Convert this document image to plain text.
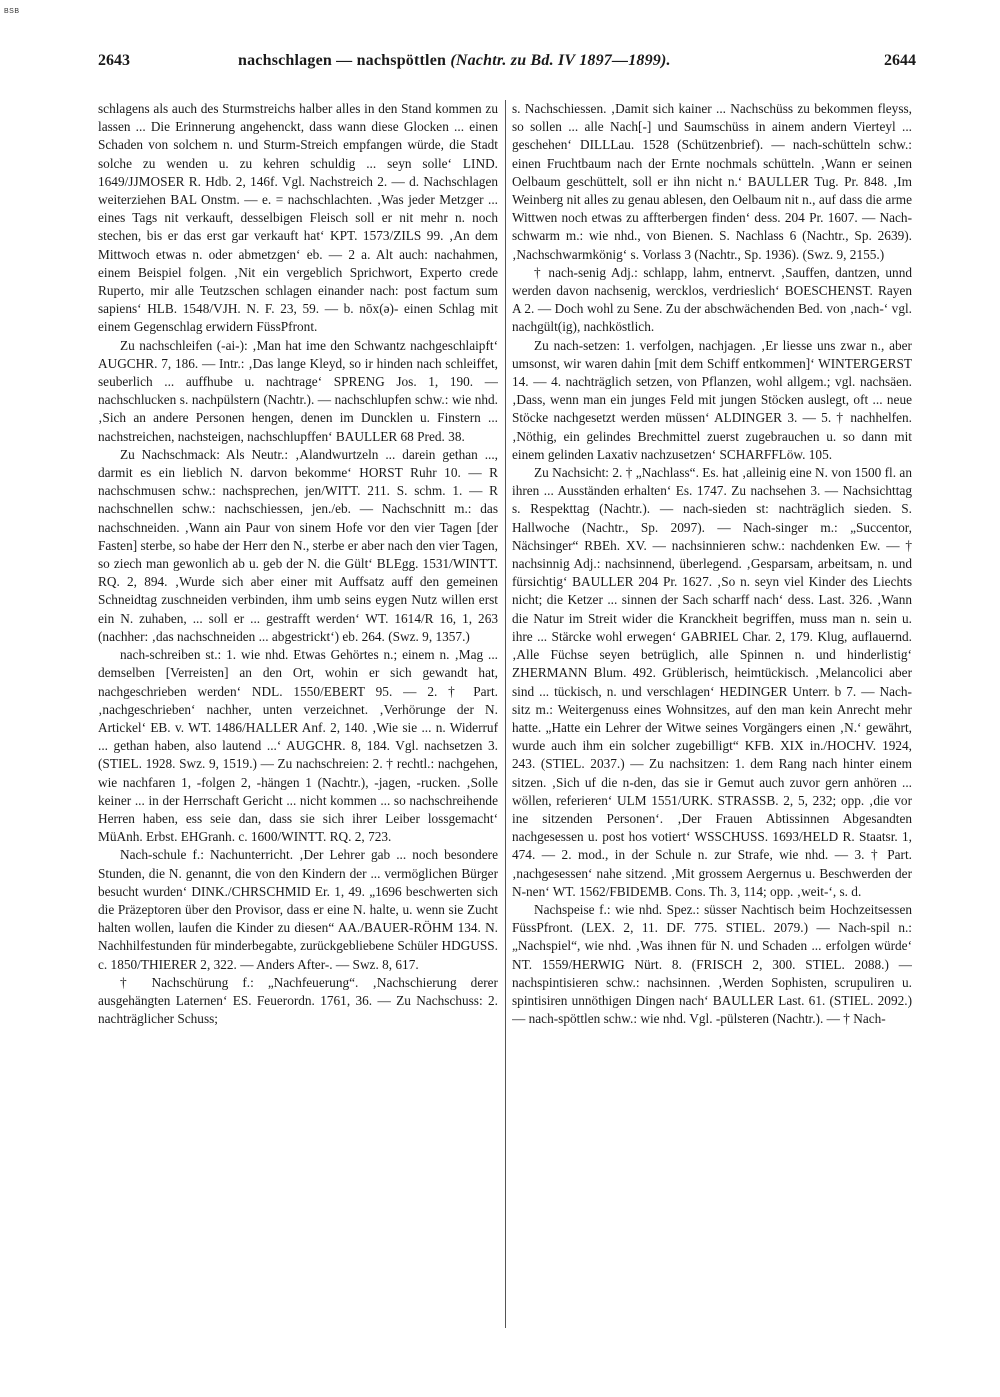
BSB
2643	nachschlagen — nachspöttlen (Nachtr. zu Bd. IV 1897—1899).	2644

schlagens als auch des Sturmstreichs halber alles in den Stand kommen zu lassen ... Die Erinnerung angehenckt, dass wann diese Glocken ... einen Schaden von solchem n. und Sturm-Streich empfangen würde, die Stadt solche zu wenden u. zu kehren schuldig ... seyn solle‘ LIND. 1649/JJMOSER R. Hdb. 2, 146f. Vgl. Nachstreich 2. — d. Nachschlagen weiterziehen BAL Onstm. — e. = nachschlachten. ‚Was jeder Metzger ... eines Tags nit verkauft, desselbigen Fleisch soll er nit mehr n. noch stechen, bis er das erst gar verkauft hat‘ KPT. 1573/ZILS 99. ‚An dem Mittwoch etwas n. oder abmetzgen‘ eb. — 2 a. Alt auch: nachahmen, einem Beispiel folgen. ‚Nit ein vergeblich Sprichwort, Experto crede Ruperto, mir alle Teutzschen schlagen einander nach: post factum sum sapiens‘ HLB. 1548/VJH. N. F. 23, 59. — b. nōx(ə)- einen Schlag mit einem Gegenschlag erwidern FüssPfront.

Zu nachschleifen (-ai-): ‚Man hat ime den Schwantz nachgeschlaipft‘ AUGCHR. 7, 186. — Intr.: ‚Das lange Kleyd, so ir hinden nach schleiffet, seuberlich ... auffhube u. nachtrage‘ SPRENG Jos. 1, 190. — nachschlucken s. nachpülstern (Nachtr.). — nachschlupfen schw.: wie nhd. ‚Sich an andere Personen hengen, denen im Duncklen u. Finstern ... nachstreichen, nachsteigen, nachschlupffen‘ BAULLER 68 Pred. 38.

Zu Nachschmack: Als Neutr.: ‚Alandwurtzeln ... darein gethan ..., darmit es ein lieblich N. darvon bekomme‘ HORST Ruhr 10. — R nachschmusen schw.: nachsprechen, jen/WITT. 211. S. schm. 1. — R nachschnellen schw.: nachschiessen, jen./eb. — Nachschnitt m.: das nachschneiden. ‚Wann ain Paur von sinem Hofe vor den vier Tagen [der Fasten] sterbe, so habe der Herr den N., sterbe er aber nach den vier Tagen, so ziech man gewonlich ab u. geb der N. die Gült‘ BLEgg. 1531/WINTT. RQ. 2, 894. ‚Wurde sich aber einer mit Auffsatz auff den gemeinen Schneidtag zuschneiden verbinden, ihm umb seins eygen Nutz willen erst ein N. zuhaben, ... soll er ... gestrafft werden‘ WT. 1614/R 16, 1, 263 (nachher: ‚das nachschneiden ... abgestrickt‘) eb. 264. (Swz. 9, 1357.)

nach-schreiben st.: 1. wie nhd. Etwas Gehörtes n.; einem n. ‚Mag ... demselben [Verreisten] an den Ort, wohin er sich gewandt hat, nachgeschrieben werden‘ NDL. 1550/EBERT 95. — 2. † Part. ‚nachgeschrieben‘ nachher, unten verzeichnet. ‚Verhörunge der N. Artickel‘ EB. v. WT. 1486/HALLER Anf. 2, 140. ‚Wie sie ... n. Widerruf ... gethan haben, also lautend ...‘ AUGCHR. 8, 184. Vgl. nachsetzen 3. (STIEL. 1928. Swz. 9, 1519.) — Zu nachschreien: 2. † rechtl.: nachgehen, wie nachfaren 1, -folgen 2, -hängen 1 (Nachtr.), -jagen, -rucken. ‚Solle keiner ... in der Herrschaft Gericht ... nicht kommen ... so nachschreihende Herren haben, ess seie dan, dass sie sich ihrer Leiber lossgemacht‘ MüAnh. Erbst. EHGranh. c. 1600/WINTT. RQ. 2, 723.

Nach-schule f.: Nachunterricht. ‚Der Lehrer gab ... noch besondere Stunden, die N. genannt, die von den Kindern der ... vermöglichen Bürger besucht wurden‘ DINK./CHRSCHMID Er. 1, 49. „1696 beschwerten sich die Präzeptoren über den Provisor, dass er eine N. halte, u. wenn sie Zucht halten wollen, laufen die Kinder zu diesen“ AA./BAUER-RÖHM 134. N. Nachhilfestunden für minderbegabte, zurückgebliebene Schüler HDGUSS. c. 1850/THIERER 2, 322. — Anders After-. — Swz. 8, 617.

† Nachschürung f.: „Nachfeuerung“. ‚Nachschierung derer ausgehängten Laternen‘ ES. Feuerordn. 1761, 36. — Zu Nachschuss: 2. nachträglicher Schuss;

s. Nachschiessen. ‚Damit sich kainer ... Nachschüss zu bekommen fleyss, so sollen ... alle Nach[-] und Saumschüss in ainem andern Vierteyl ... geschehen‘ DILLLau. 1528 (Schützenbrief). — nach-schütteln schw.: einen Fruchtbaum nach der Ernte nochmals schütteln. ‚Wann er seinen Oelbaum geschüttelt, soll er ihn nicht n.‘ BAULLER Tug. Pr. 848. ‚Im Weinberg nit alles zu genau ablesen, den Oelbaum nit n., auf dass die arme Wittwen noch etwas zu affterbergen finden‘ dess. 204 Pr. 1607. — Nach-schwarm m.: wie nhd., von Bienen. S. Nachlass 6 (Nachtr., Sp. 2639). ‚Nachschwarmkönig‘ s. Vorlass 3 (Nachtr., Sp. 1936). (Swz. 9, 2155.)

† nach-senig Adj.: schlapp, lahm, entnervt. ‚Sauffen, dantzen, unnd werden davon nachsenig, wercklos, verdrieslich‘ BOESCHENST. Rayen A 2. — Doch wohl zu Sene. Zu der abschwächenden Bed. von ‚nach-‘ vgl. nachgült(ig), nachköstlich.

Zu nach-setzen: 1. verfolgen, nachjagen. ‚Er liesse uns zwar n., aber umsonst, wir waren dahin [mit dem Schiff entkommen]‘ WINTERGERST 14. — 4. nachträglich setzen, von Pflanzen, wohl allgem.; vgl. nachsäen. ‚Dass, wenn man ein junges Feld mit jungen Stöcken auslegt, oft ... neue Stöcke nachgesetzt werden müssen‘ ALDINGER 3. — 5. † nachhelfen. ‚Nöthig, ein gelindes Brechmittel zuerst zugebrauchen u. so dann mit einem gelinden Laxativ nachzusetzen‘ SCHARFFLöw. 105.

Zu Nachsicht: 2. † „Nachlass“. Es. hat ‚alleinig eine N. von 1500 fl. an ihren ... Ausständen erhalten‘ Es. 1747. Zu nachsehen 3. — Nachsichttag s. Respekttag (Nachtr.). — nach-sieden st: nachträglich sieden. S. Hallwoche (Nachtr., Sp. 2097). — Nach-singer m.: „Succentor, Nächsinger“ RBEh. XV. — nachsinnieren schw.: nachdenken Ew. — † nachsinnig Adj.: nachsinnend, überlegend. ‚Gesparsam, arbeitsam, n. und fürsichtig‘ BAULLER 204 Pr. 1627. ‚So n. seyn viel Kinder des Liechts nicht; die Ketzer ... sinnen der Sach scharff nach‘ dess. Last. 326. ‚Wann die Natur im Streit wider die Kranckheit begriffen, muss man n. sein u. ihre ... Stärcke wohl erwegen‘ GABRIEL Char. 2, 179. Klug, auflauernd. ‚Alle Füchse seyen betrüglich, alle Spinnen n. und hinderlistig‘ ZHERMANN Blum. 492. Grüblerisch, heimtückisch. ‚Melancolici aber sind ... tückisch, n. und verschlagen‘ HEDINGER Unterr. b 7. — Nach-sitz m.: Weitergenuss eines Wohnsitzes, auf den man kein Anrecht mehr hatte. „Hatte ein Lehrer der Witwe seines Vorgängers einen ‚N.‘ gewährt, wurde auch ihm ein solcher zugebilligt“ KFB. XIX in./HOCHV. 1924, 243. (STIEL. 2037.) — Zu nachsitzen: 1. dem Rang nach hinter einem sitzen. ‚Sich uf die n-den, das sie ir Gemut auch zuvor gern anhören ... wöllen, referieren‘ ULM 1551/URK. STRASSB. 2, 5, 232; opp. ‚die vor ine sitzenden Personen‘. ‚Der Frauen Abtissinnen Abgesandten nachgesessen u. post hos votiert‘ WSSCHUSS. 1693/HELD R. Staatsr. 1, 474. — 2. mod., in der Schule n. zur Strafe, wie nhd. — 3. † Part. ‚nachgesessen‘ nahe sitzend. ‚Mit grossem Aergernus u. Beschwerden der N-nen‘ WT. 1562/FBIDEMB. Cons. Th. 3, 114; opp. ‚weit-‘, s. d.

Nachspeise f.: wie nhd. Spez.: süsser Nachtisch beim Hochzeitsessen FüssPfront. (LEX. 2, 11. DF. 775. STIEL. 2079.) — Nach-spil n.: „Nachspiel“, wie nhd. ‚Was ihnen für N. und Schaden ... erfolgen würde‘ NT. 1559/HERWIG Nürt. 8. (FRISCH 2, 300. STIEL. 2088.) — nachspintisieren schw.: nachsinnen. ‚Werden Sophisten, scrupuliren u. spintisiren unnöthigen Dingen nach‘ BAULLER Last. 61. (STIEL. 2092.) — nach-spöttlen schw.: wie nhd. Vgl. -pülsteren (Nachtr.). — † Nach-
